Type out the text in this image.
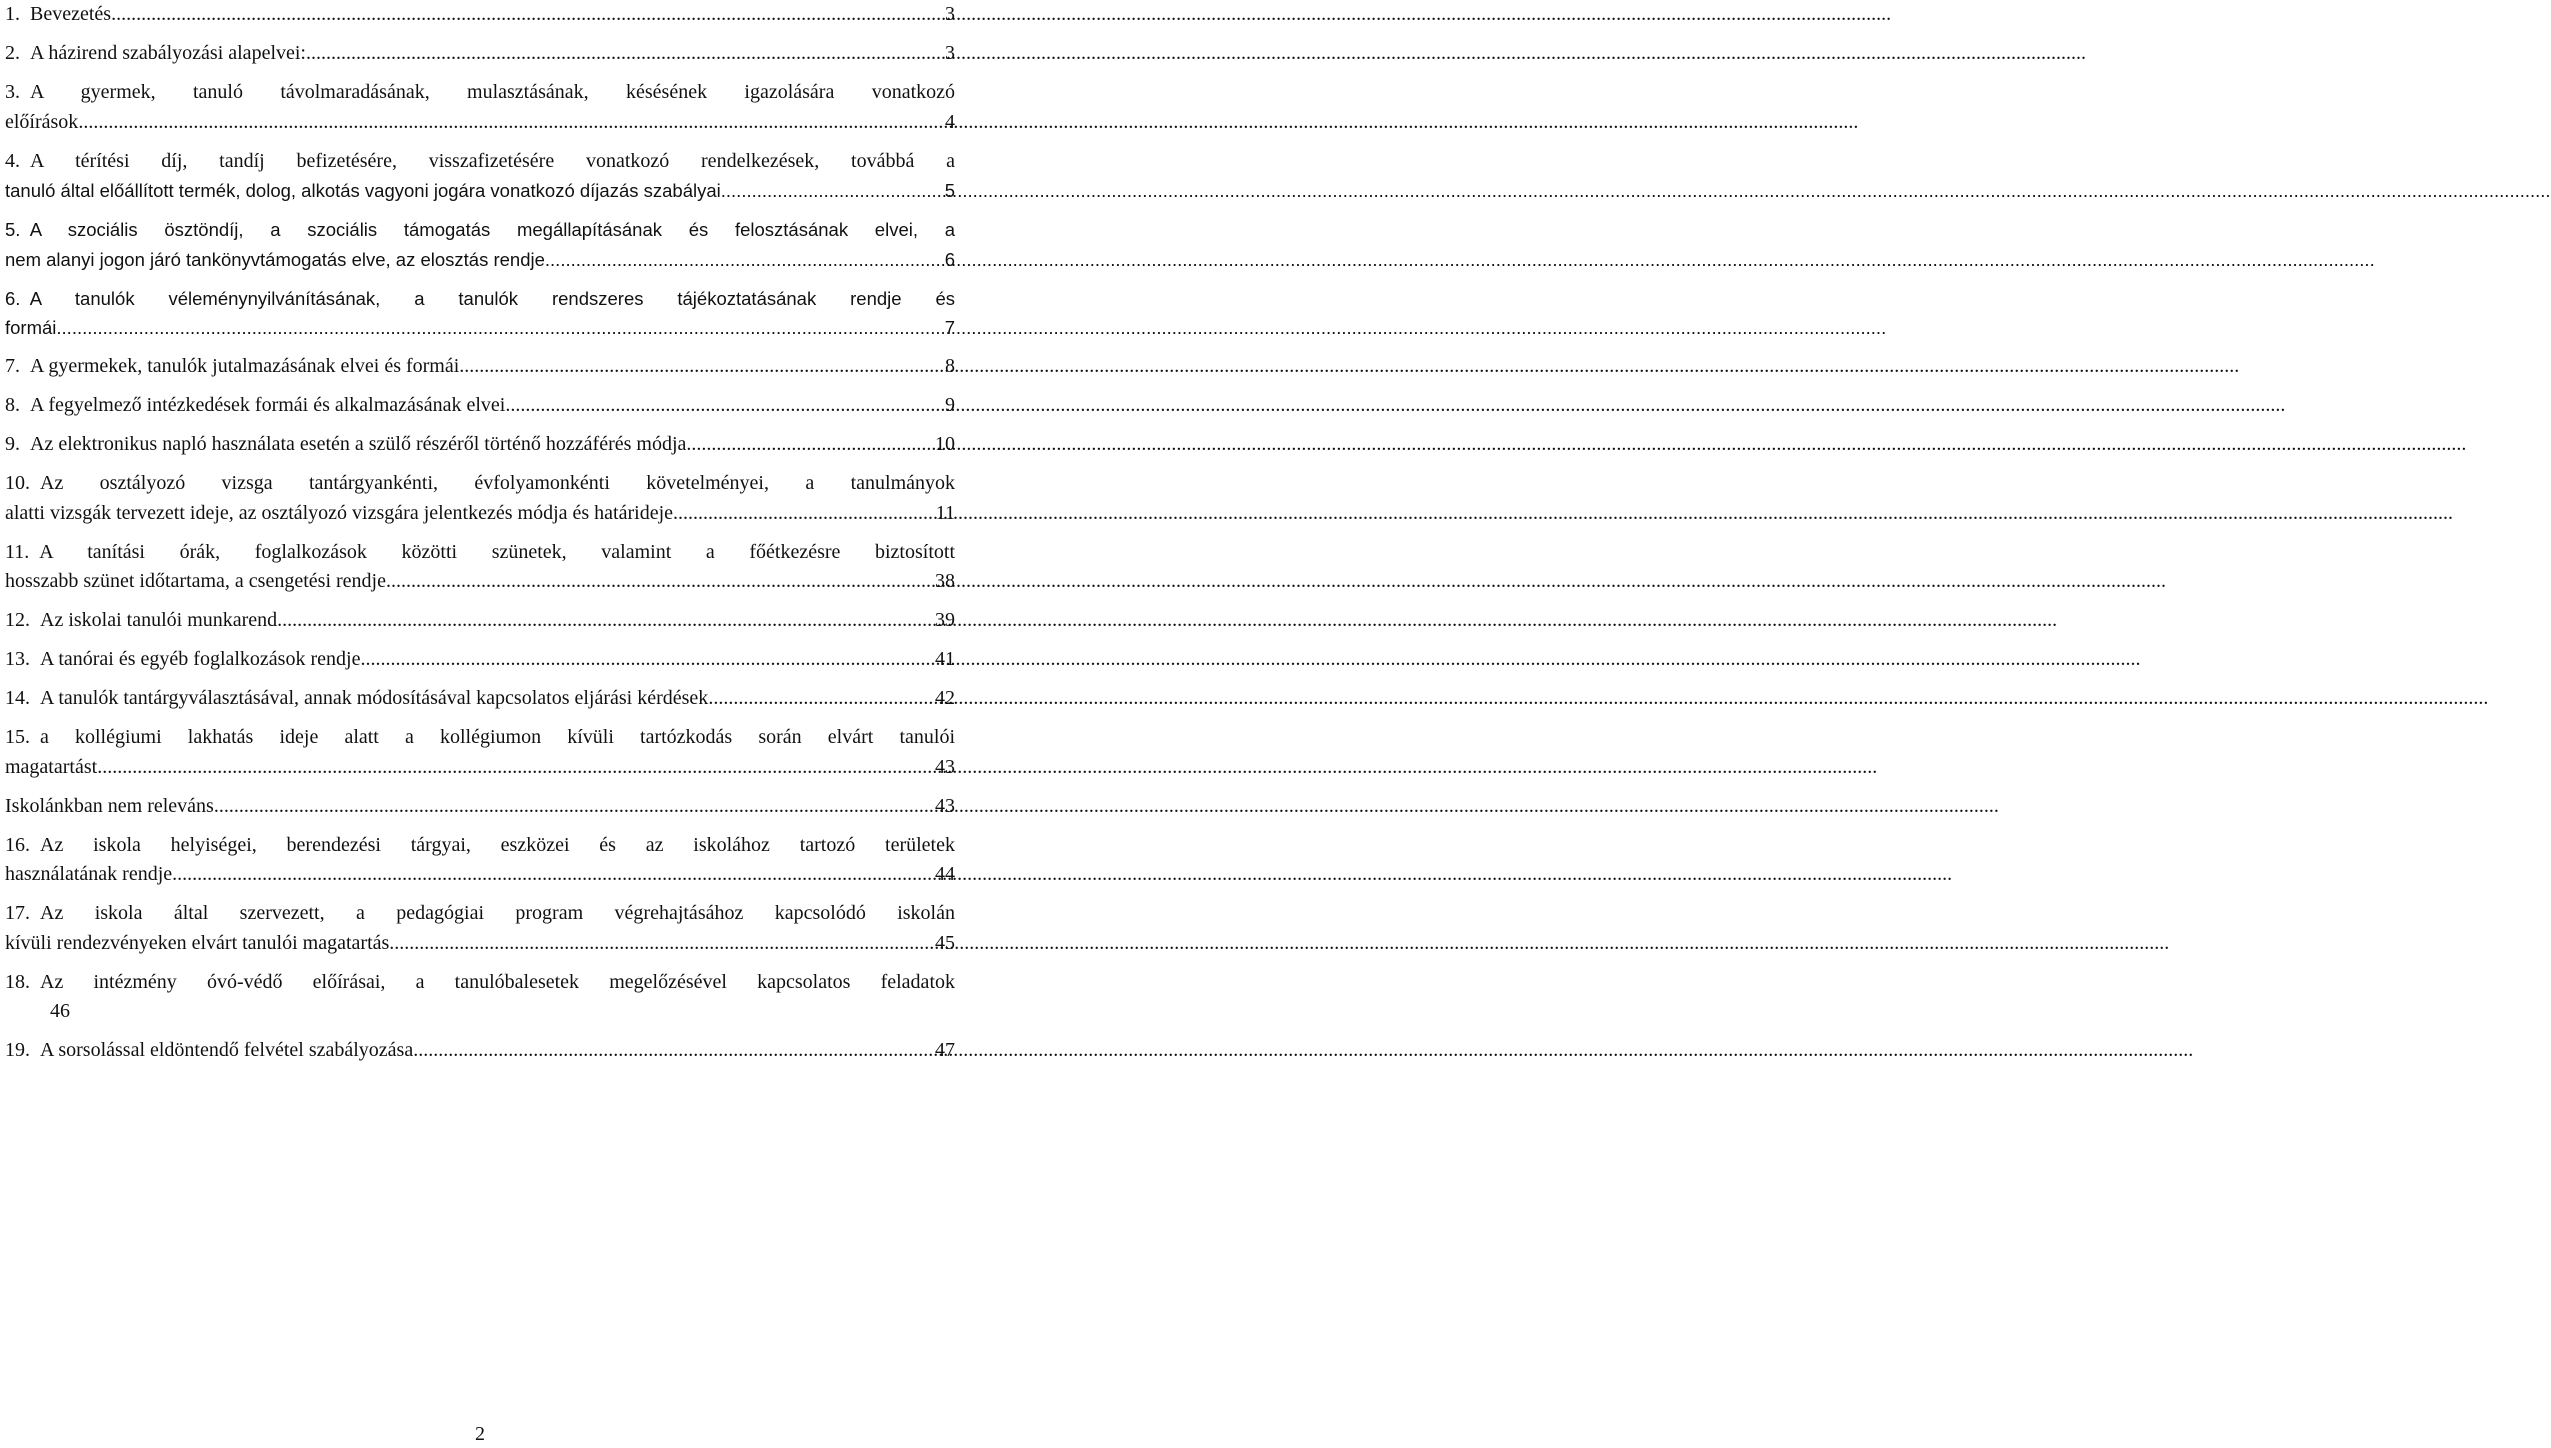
1. Bevezetés .....	3
2. A házirend szabályozási alapelvei: .....	3
3. A gyermek, tanuló távolmaradásának, mulasztásának, késésének igazolására vonatkozó
előírások .....	4
4. A térítési díj, tandíj befizetésére, visszafizetésére vonatkozó rendelkezések, továbbá a
tanuló által előállított termék, dolog, alkotás vagyoni jogára vonatkozó díjazás szabályai .....	5
5. A szociális ösztöndíj, a szociális támogatás megállapításának és felosztásának elvei, a
nem alanyi jogon járó tankönyvtámogatás elve, az elosztás rendje .....	6
6. A tanulók véleménynyilvánításának, a tanulók rendszeres tájékoztatásának rendje és
formái .....	7
7. A gyermekek, tanulók jutalmazásának elvei és formái .....	8
8. A fegyelmező intézkedések formái és alkalmazásának elvei .....	9
9. Az elektronikus napló használata esetén a szülő részéről történő hozzáférés módja .....	10
10. Az osztályozó vizsga tantárgyankénti, évfolyamonkénti követelményei, a tanulmányok
alatti vizsgák tervezett ideje, az osztályozó vizsgára jelentkezés módja és határideje .....	11
11. A tanítási órák, foglalkozások közötti szünetek, valamint a főétkezésre biztosított
hosszabb szünet időtartama, a csengetési rendje .....	38
12. Az iskolai tanulói munkarend .....	39
13. A tanórai és egyéb foglalkozások rendje .....	41
14. A tanulók tantárgyválasztásával, annak módosításával kapcsolatos eljárási kérdések .....	42
15. a kollégiumi lakhatás ideje alatt a kollégiumon kívüli tartózkodás során elvárt tanulói
magatartást .....	43
Iskolánkban nem releváns. .....	43
16. Az iskola helyiségei, berendezési tárgyai, eszközei és az iskolához tartozó területek
használatának rendje .....	44
17. Az iskola által szervezett, a pedagógiai program végrehajtásához kapcsolódó iskolán
kívüli rendezvényeken elvárt tanulói magatartás .....	45
18. Az intézmény óvó-védő előírásai, a tanulóbalesetek megelőzésével kapcsolatos feladatok
46
19. A sorsolással eldöntendő felvétel szabályozása .....	47
2
